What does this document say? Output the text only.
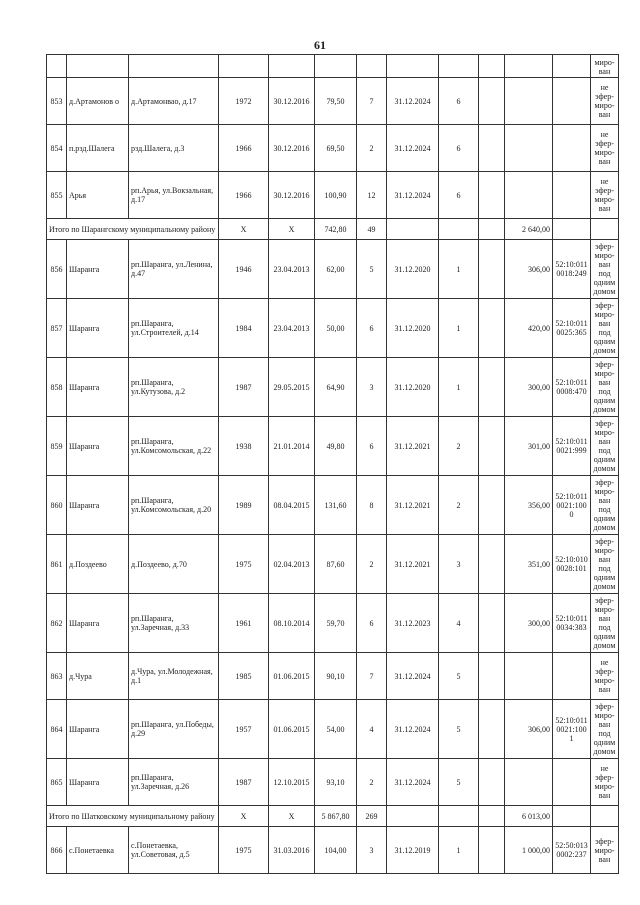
61
												миро-ван
853	д.Артамонов о	д.Артамонвао, д.17	1972	30.12.2016	79,50	7	31.12.2024	6				не эфер-миро-ван
854	п.рзд.Шалега	рзд.Шалега, д.3	1966	30.12.2016	69,50	2	31.12.2024	6				не эфер-миро-ван
855	Арья	рп.Арья, ул.Вокзальная, д.17	1966	30.12.2016	100,90	12	31.12.2024	6				не эфер-миро-ван
Итого по Шарангскому муниципальному району			Х	Х	742,80	49				2 640,00		
856	Шаранга	рп.Шаранга, ул.Ленина, д.47	1946	23.04.2013	62,00	5	31.12.2020	1		306,00	52:10:0110018:249	эфер-миро-ван под одним домом
857	Шаранга	рп.Шаранга, ул.Строителей, д.14	1984	23.04.2013	50,00	6	31.12.2020	1		420,00	52:10:0110025:365	эфер-миро-ван под одним домом
858	Шаранга	рп.Шаранга, ул.Кутузова, д.2	1987	29.05.2015	64,90	3	31.12.2020	1		300,00	52:10:0110008:470	эфер-миро-ван под одним домом
859	Шаранга	рп.Шаранга, ул.Комсомольская, д.22	1938	21.01.2014	49,80	6	31.12.2021	2		301,00	52:10:0110021:999	эфер-миро-ван под одним домом
860	Шаранга	рп.Шаранга, ул.Комсомольская, д.20	1989	08.04.2015	131,60	8	31.12.2021	2		356,00	52:10:0110021:1000	эфер-миро-ван под одним домом
861	д.Поздеево	д.Поздеево, д.70	1975	02.04.2013	87,60	2	31.12.2021	3		351,00	52:10:0100028:101	эфер-миро-ван под одним домом
862	Шаранга	рп.Шаранга, ул.Заречная, д.33	1961	08.10.2014	59,70	6	31.12.2023	4		300,00	52:10:0110034:383	эфер-миро-ван под одним домом
863	д.Чура	д.Чура, ул.Молодежная, д.1	1985	01.06.2015	90,10	7	31.12.2024	5				не эфер-миро-ван
864	Шаранга	рп.Шаранга, ул.Победы, д.29	1957	01.06.2015	54,00	4	31.12.2024	5		306,00	52:10:0110021:1001	эфер-миро-ван под одним домом
865	Шаранга	рп.Шаранга, ул.Заречная, д.26	1987	12.10.2015	93,10	2	31.12.2024	5				не эфер-миро-ван
Итого по Шатковскому муниципальному району			Х	Х	5 867,80	269				6 013,00		
866	с.Понетаевка	с.Понетаевка, ул.Советовая, д.5	1975	31.03.2016	104,00	3	31.12.2019	1		1 000,00	52:50:0130002:237	эфер-миро-ван
